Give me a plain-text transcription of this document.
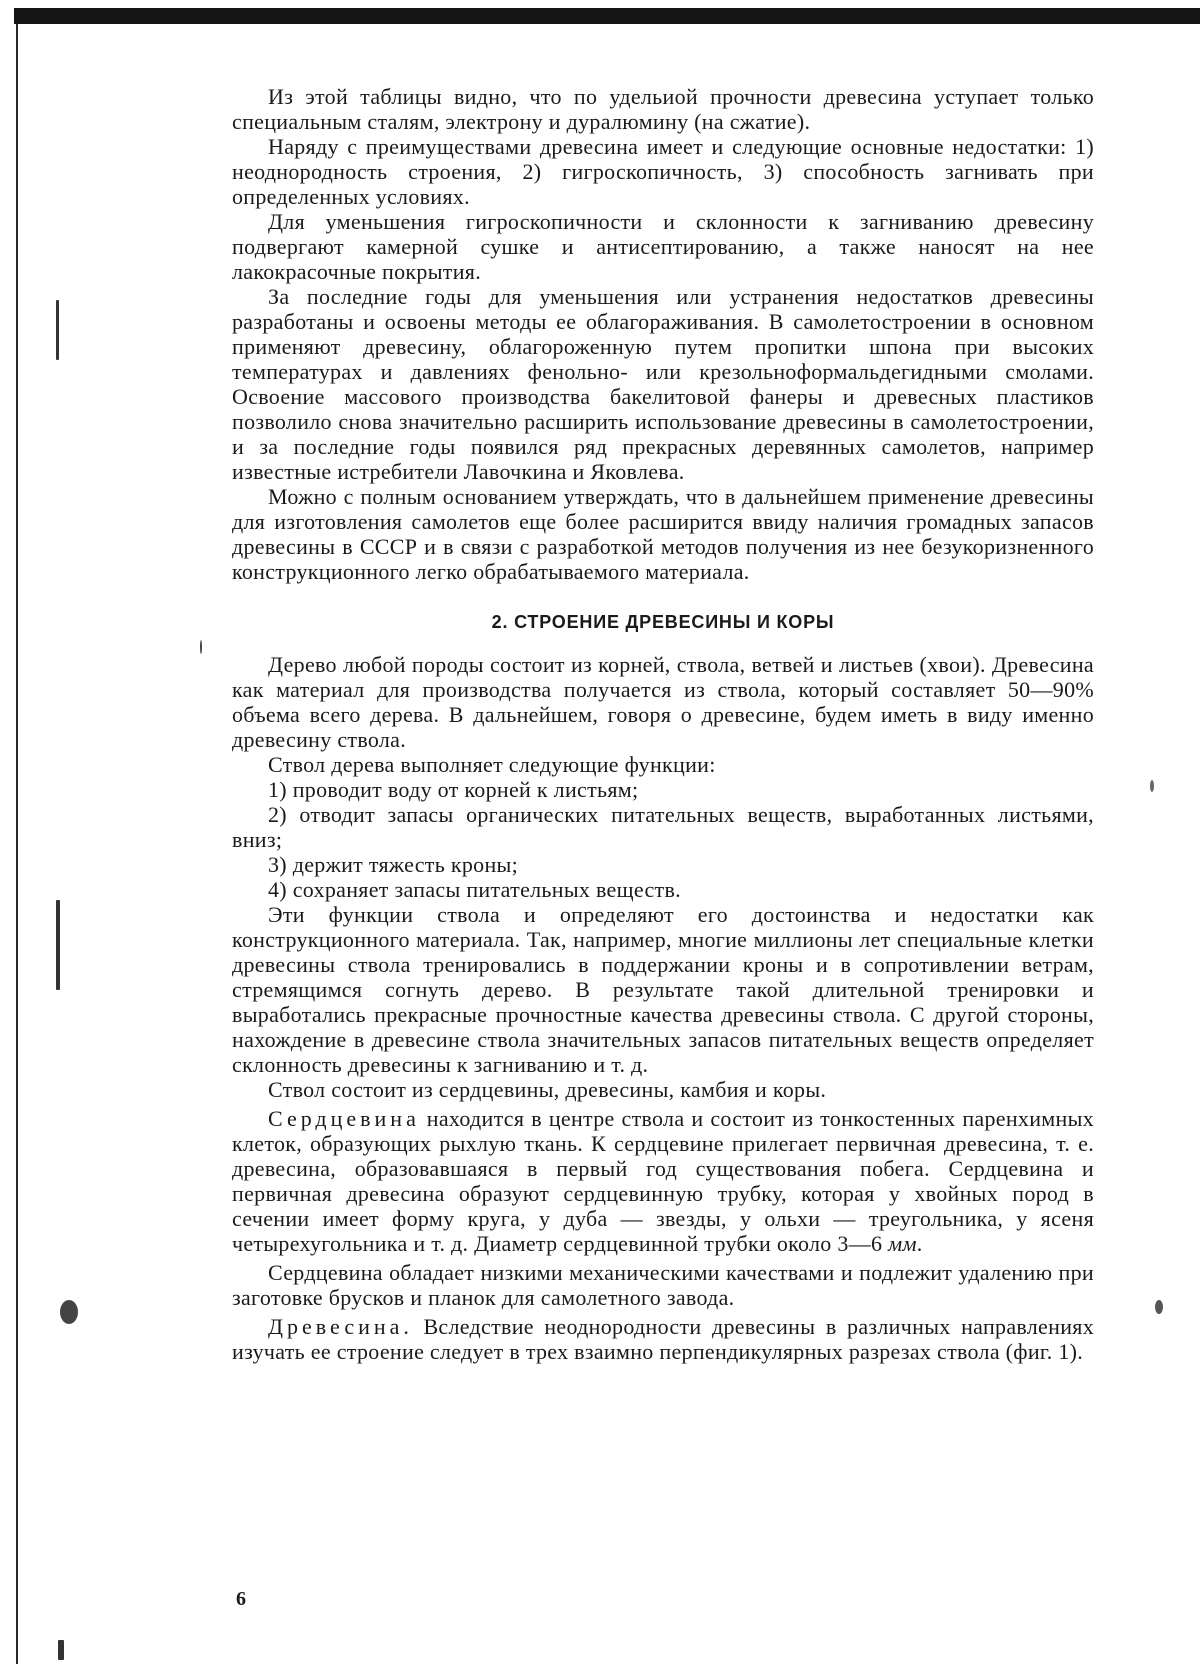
Из этой таблицы видно, что по удельиой прочности древесина уступает только специальным сталям, электрону и дуралюмину (на сжатие).

Наряду с преимуществами древесина имеет и следующие основные недостатки: 1) неоднородность строения, 2) гигроскопичность, 3) способность загнивать при определенных условиях.

Для уменьшения гигроскопичности и склонности к загниванию древесину подвергают камерной сушке и антисептированию, а также наносят на нее лакокрасочные покрытия.

За последние годы для уменьшения или устранения недостатков древесины разработаны и освоены методы ее облагораживания. В самолетостроении в основном применяют древесину, облагороженную путем пропитки шпона при высоких температурах и давлениях фенольно- или крезольноформальдегидными смолами. Освоение массового производства бакелитовой фанеры и древесных пластиков позволило снова значительно расширить использование древесины в самолетостроении, и за последние годы появился ряд прекрасных деревянных самолетов, например известные истребители Лавочкина и Яковлева.

Можно с полным основанием утверждать, что в дальнейшем применение древесины для изготовления самолетов еще более расширится ввиду наличия громадных запасов древесины в СССР и в связи с разработкой методов получения из нее безукоризненного конструкционного легко обрабатываемого материала.

2. СТРОЕНИЕ ДРЕВЕСИНЫ И КОРЫ

Дерево любой породы состоит из корней, ствола, ветвей и листьев (хвои). Древесина как материал для производства получается из ствола, который составляет 50—90% объема всего дерева. В дальнейшем, говоря о древесине, будем иметь в виду именно древесину ствола.

Ствол дерева выполняет следующие функции:

1) проводит воду от корней к листьям;

2) отводит запасы органических питательных веществ, выработанных листьями, вниз;

3) держит тяжесть кроны;

4) сохраняет запасы питательных веществ.

Эти функции ствола и определяют его достоинства и недостатки как конструкционного материала. Так, например, многие миллионы лет специальные клетки древесины ствола тренировались в поддержании кроны и в сопротивлении ветрам, стремящимся согнуть дерево. В результате такой длительной тренировки и выработались прекрасные прочностные качества древесины ствола. С другой стороны, нахождение в древесине ствола значительных запасов питательных веществ определяет склонность древесины к загниванию и т. д.

Ствол состоит из сердцевины, древесины, камбия и коры.

Сердцевина находится в центре ствола и состоит из тонкостенных паренхимных клеток, образующих рыхлую ткань. К сердцевине прилегает первичная древесина, т. е. древесина, образовавшаяся в первый год существования побега. Сердцевина и первичная древесина образуют сердцевинную трубку, которая у хвойных пород в сечении имеет форму круга, у дуба — звезды, у ольхи — треугольника, у ясеня четырехугольника и т. д. Диаметр сердцевинной трубки около 3—6 мм.

Сердцевина обладает низкими механическими качествами и подлежит удалению при заготовке брусков и планок для самолетного завода.

Древесина. Вследствие неоднородности древесины в различных направлениях изучать ее строение следует в трех взаимно перпендикулярных разрезах ствола (фиг. 1).

6
